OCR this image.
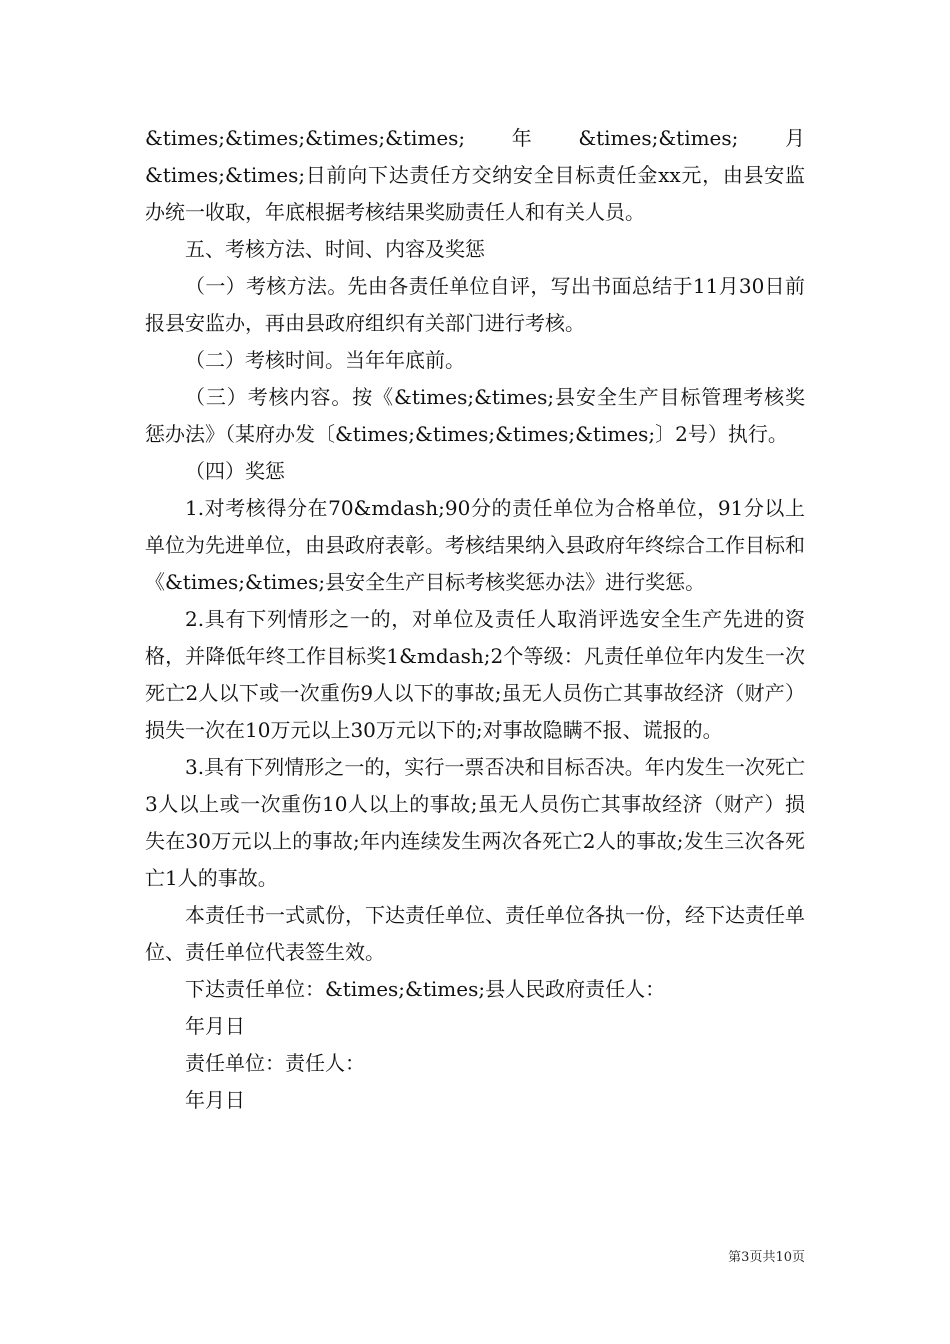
&times;&times;&times;&times; 年 &times;&times; 月

&times;&times;日前向下达责任方交纳安全目标责任金xx元，由县安监办统一收取，年底根据考核结果奖励责任人和有关人员。

五、考核方法、时间、内容及奖惩

（一）考核方法。先由各责任单位自评，写出书面总结于11月30日前报县安监办，再由县政府组织有关部门进行考核。

（二）考核时间。当年年底前。

（三）考核内容。按《&times;&times;县安全生产目标管理考核奖惩办法》（某府办发〔&times;&times;&times;&times;〕2号）执行。

（四）奖惩

1.对考核得分在70&mdash;90分的责任单位为合格单位，91分以上单位为先进单位，由县政府表彰。考核结果纳入县政府年终综合工作目标和《&times;&times;县安全生产目标考核奖惩办法》进行奖惩。

2.具有下列情形之一的，对单位及责任人取消评选安全生产先进的资格，并降低年终工作目标奖1&mdash;2个等级：凡责任单位年内发生一次死亡2人以下或一次重伤9人以下的事故;虽无人员伤亡其事故经济（财产）损失一次在10万元以上30万元以下的;对事故隐瞒不报、谎报的。

3.具有下列情形之一的，实行一票否决和目标否决。年内发生一次死亡3人以上或一次重伤10人以上的事故;虽无人员伤亡其事故经济（财产）损失在30万元以上的事故;年内连续发生两次各死亡2人的事故;发生三次各死亡1人的事故。

本责任书一式贰份，下达责任单位、责任单位各执一份，经下达责任单位、责任单位代表签生效。

下达责任单位：&times;&times;县人民政府责任人：

年月日

责任单位：责任人：

年月日

第3页共10页
